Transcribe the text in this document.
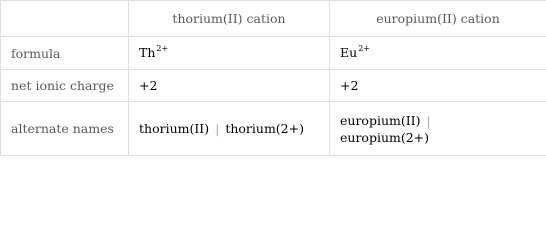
	thorium(II) cation	europium(II) cation
formula	$Th^{2+}$	$Eu^{2+}$
net ionic charge	+2	+2
alternate names	thorium(II) | thorium(2+)	europium(II) |
europium(2+)
